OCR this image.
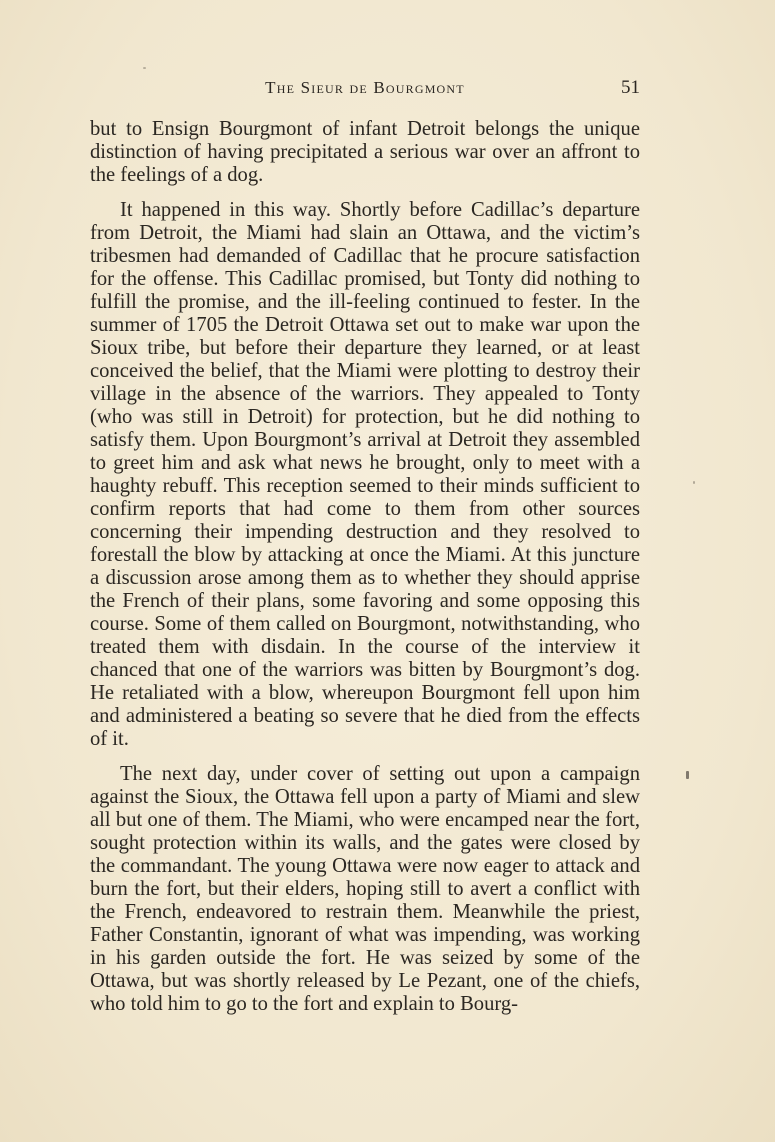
The Sieur de Bourgmont	51

but to Ensign Bourgmont of infant Detroit belongs the unique distinction of having precipitated a serious war over an affront to the feelings of a dog.

It happened in this way. Shortly before Cadillac’s departure from Detroit, the Miami had slain an Ottawa, and the victim’s tribesmen had demanded of Cadillac that he procure satisfaction for the offense. This Cadillac promised, but Tonty did nothing to fulfill the promise, and the ill-feeling continued to fester. In the summer of 1705 the Detroit Ottawa set out to make war upon the Sioux tribe, but before their departure they learned, or at least conceived the belief, that the Miami were plotting to destroy their village in the absence of the warriors. They appealed to Tonty (who was still in Detroit) for protection, but he did nothing to satisfy them. Upon Bourgmont’s arrival at Detroit they assembled to greet him and ask what news he brought, only to meet with a haughty rebuff. This reception seemed to their minds sufficient to confirm reports that had come to them from other sources concerning their impending destruction and they resolved to forestall the blow by attacking at once the Miami. At this juncture a discussion arose among them as to whether they should apprise the French of their plans, some favoring and some opposing this course. Some of them called on Bourgmont, notwithstanding, who treated them with disdain. In the course of the interview it chanced that one of the warriors was bitten by Bourgmont’s dog. He retaliated with a blow, whereupon Bourgmont fell upon him and administered a beating so severe that he died from the effects of it.

The next day, under cover of setting out upon a campaign against the Sioux, the Ottawa fell upon a party of Miami and slew all but one of them. The Miami, who were encamped near the fort, sought protection within its walls, and the gates were closed by the commandant. The young Ottawa were now eager to attack and burn the fort, but their elders, hoping still to avert a conflict with the French, endeavored to restrain them. Meanwhile the priest, Father Constantin, ignorant of what was impending, was working in his garden outside the fort. He was seized by some of the Ottawa, but was shortly released by Le Pezant, one of the chiefs, who told him to go to the fort and explain to Bourg-
